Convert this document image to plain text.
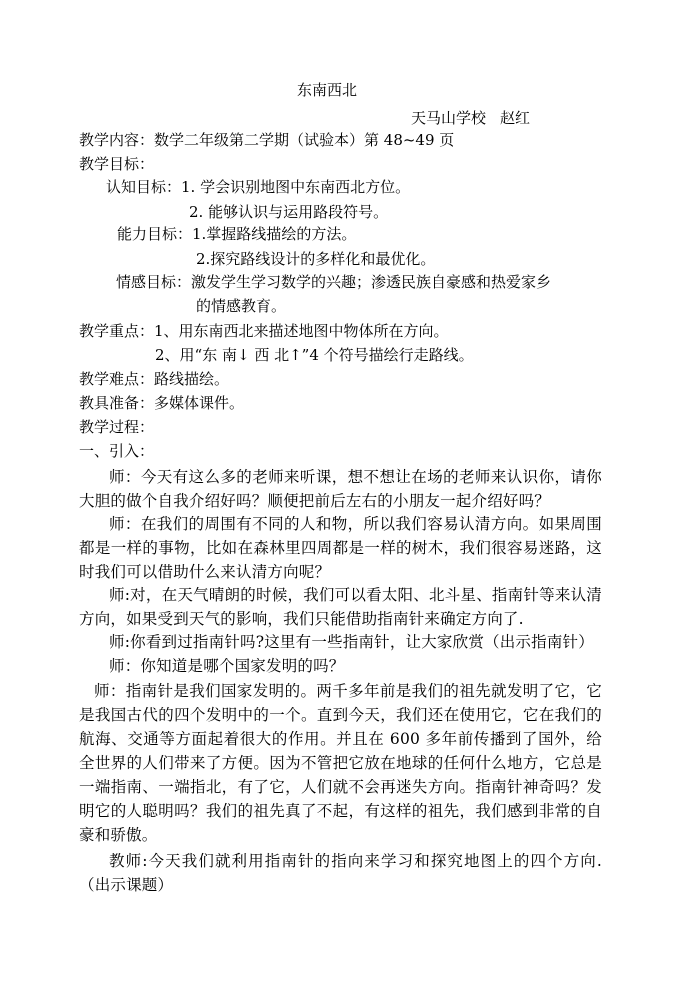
东南西北
天马山学校 赵红
教学内容：数学二年级第二学期（试验本）第 48~49 页
教学目标：
认知目标：1. 学会识别地图中东南西北方位。
2. 能够认识与运用路段符号。
能力目标：1.掌握路线描绘的方法。
2.探究路线设计的多样化和最优化。
情感目标：激发学生学习数学的兴趣；渗透民族自豪感和热爱家乡
的情感教育。
教学重点：1、用东南西北来描述地图中物体所在方向。
2、用“东 南↓ 西 北↑”4 个符号描绘行走路线。
教学难点：路线描绘。
教具准备：多媒体课件。
教学过程：
一、引入：
师：今天有这么多的老师来听课，想不想让在场的老师来认识你，请你大胆的做个自我介绍好吗？顺便把前后左右的小朋友一起介绍好吗？
师：在我们的周围有不同的人和物，所以我们容易认清方向。如果周围都是一样的事物，比如在森林里四周都是一样的树木，我们很容易迷路，这时我们可以借助什么来认清方向呢？
师:对，在天气晴朗的时候，我们可以看太阳、北斗星、指南针等来认清方向，如果受到天气的影响，我们只能借助指南针来确定方向了.
师:你看到过指南针吗?这里有一些指南针，让大家欣赏（出示指南针）
师：你知道是哪个国家发明的吗？
师：指南针是我们国家发明的。两千多年前是我们的祖先就发明了它，它是我国古代的四个发明中的一个。直到今天，我们还在使用它，它在我们的航海、交通等方面起着很大的作用。并且在 600 多年前传播到了国外，给全世界的人们带来了方便。因为不管把它放在地球的任何什么地方，它总是一端指南、一端指北，有了它，人们就不会再迷失方向。指南针神奇吗？发明它的人聪明吗？我们的祖先真了不起，有这样的祖先，我们感到非常的自豪和骄傲。
教师:今天我们就利用指南针的指向来学习和探究地图上的四个方向.（出示课题）
